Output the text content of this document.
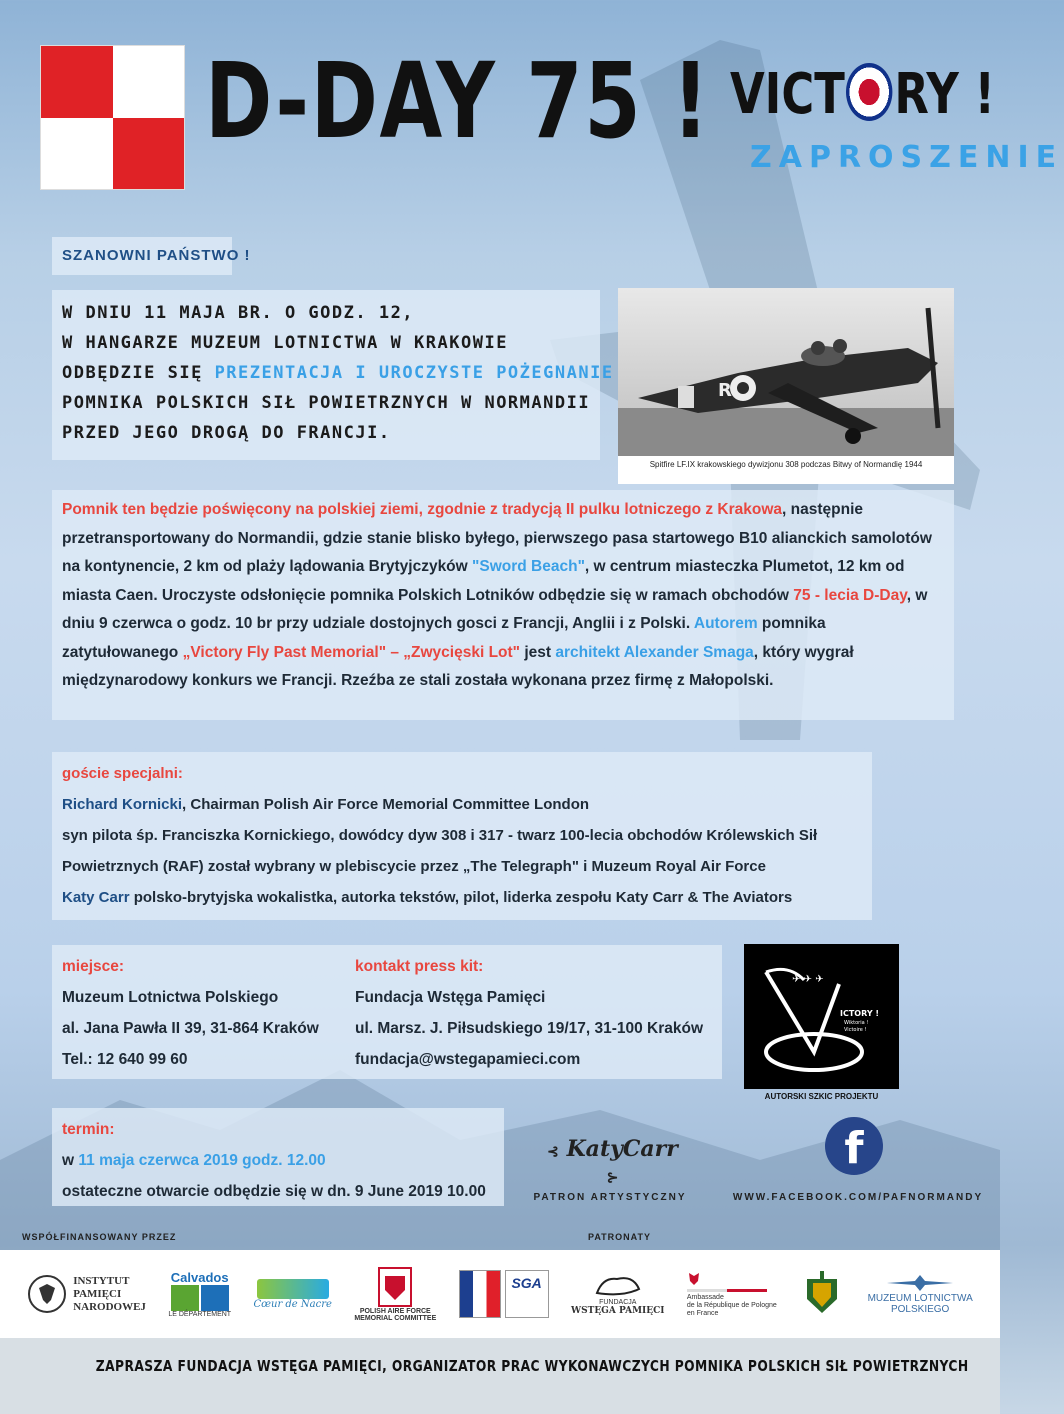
D-DAY 75 ! VICT RY !
ZAPROSZENIE
SZANOWNI PAŃSTWO !
W DNIU 11 MAJA BR. O GODZ. 12,
W HANGARZE MUZEUM LOTNICTWA W KRAKOWIE
ODBĘDZIE SIĘ PREZENTACJA I UROCZYSTE POŻEGNANIE
POMNIKA POLSKICH SIŁ POWIETRZNYCH W NORMANDII
PRZED JEGO DROGĄ DO FRANCJI.
R
Spitfire LF.IX krakowskiego dywizjonu 308 podczas Bitwy of Normandię 1944

Pomnik ten będzie poświęcony na polskiej ziemi, zgodnie z tradycją II pulku lotniczego z Krakowa, następnie przetransportowany do Normandii, gdzie stanie blisko byłego, pierwszego pasa startowego B10 alianckich samolotów na kontynencie, 2 km od plaży lądowania Brytyjczyków "Sword Beach", w centrum miasteczka Plumetot, 12 km od miasta Caen. Uroczyste odsłonięcie pomnika Polskich Lotników odbędzie się w ramach obchodów 75 - lecia D-Day, w dniu 9 czerwca o godz. 10 br przy udziale dostojnych gosci z Francji, Anglii i z Polski. Autorem pomnika zatytułowanego „Victory Fly Past Memorial" – „Zwycięski Lot" jest architekt Alexander Smaga, który wygrał międzynarodowy konkurs we Francji. Rzeźba ze stali została wykonana przez firmę z Małopolski.

goście specjalni:
Richard Kornicki, Chairman Polish Air Force Memorial Committee London
syn pilota śp. Franciszka Kornickiego, dowódcy dyw 308 i 317 - twarz 100-lecia obchodów Królewskich Sił
Powietrznych (RAF) został wybrany w plebiscycie przez „The Telegraph" i Muzeum Royal Air Force
Katy Carr polsko-brytyjska wokalistka, autorka tekstów, pilot, liderka zespołu Katy Carr & The Aviators
miejsce:
Muzeum Lotnictwa Polskiego
al. Jana Pawła II 39, 31-864 Kraków
Tel.: 12 640 99 60
kontakt press kit:
Fundacja Wstęga Pamięci
ul. Marsz. J. Piłsudskiego 19/17, 31-100 Kraków
fundacja@wstegapamieci.com
✈ ✈ ✈
ICTORY !
Wiktoria !
Victoire !
AUTORSKI SZKIC PROJEKTU
termin:
w 11 maja czerwca 2019 godz. 12.00
ostateczne otwarcie odbędzie się w dn. 9 June 2019 10.00
⊰ KatyCarr ⊱
PATRON ARTYSTYCZNY
f
WWW.FACEBOOK.COM/PAFNORMANDY
WSPÓŁFINANSOWANY PRZEZ	PATRONATY
INSTYTUT
PAMIĘCI
NARODOWEJ
Calvados
LE DÉPARTEMENT
Cœur de Nacre
POLISH AIRE FORCE
MEMORIAL COMMITTEE
SGA
FUNDACJA
WSTĘGA PAMIĘCI
Ambassade
de la République de Pologne
en France
MUZEUM LOTNICTWA
POLSKIEGO
ZAPRASZA FUNDACJA WSTĘGA PAMIĘCI, ORGANIZATOR PRAC WYKONAWCZYCH POMNIKA POLSKICH SIŁ POWIETRZNYCH
